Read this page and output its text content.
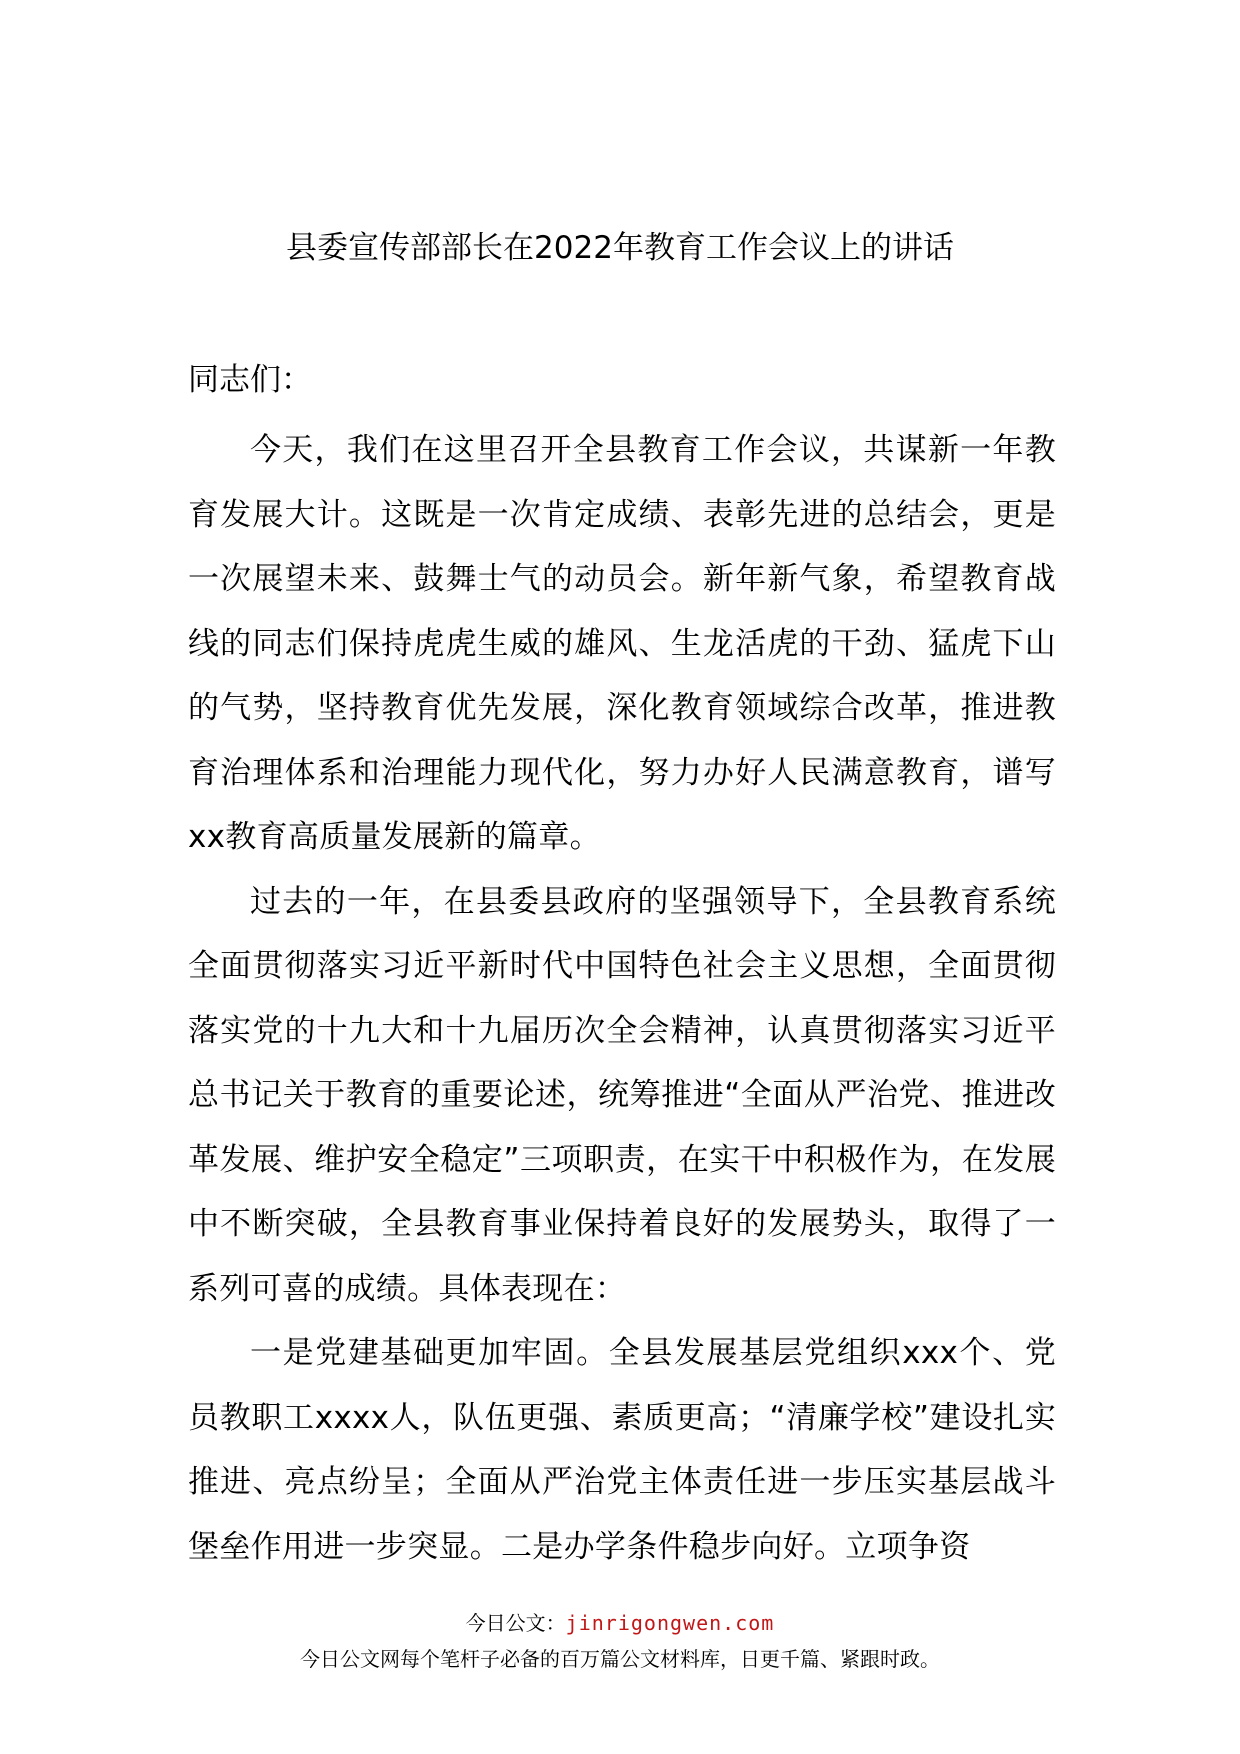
县委宣传部部长在2022年教育工作会议上的讲话
同志们：

今天，我们在这里召开全县教育工作会议，共谋新一年教育发展大计。这既是一次肯定成绩、表彰先进的总结会，更是一次展望未来、鼓舞士气的动员会。新年新气象，希望教育战线的同志们保持虎虎生威的雄风、生龙活虎的干劲、猛虎下山的气势，坚持教育优先发展，深化教育领域综合改革，推进教育治理体系和治理能力现代化，努力办好人民满意教育，谱写xx教育高质量发展新的篇章。

过去的一年，在县委县政府的坚强领导下，全县教育系统全面贯彻落实习近平新时代中国特色社会主义思想，全面贯彻落实党的十九大和十九届历次全会精神，认真贯彻落实习近平总书记关于教育的重要论述，统筹推进“全面从严治党、推进改革发展、维护安全稳定”三项职责，在实干中积极作为，在发展中不断突破，全县教育事业保持着良好的发展势头，取得了一系列可喜的成绩。具体表现在：

一是党建基础更加牢固。全县发展基层党组织xxx个、党员教职工xxxx人，队伍更强、素质更高；“清廉学校”建设扎实推进、亮点纷呈；全面从严治党主体责任进一步压实基层战斗堡垒作用进一步突显。二是办学条件稳步向好。立项争资

今日公文：jinrigongwen.com
今日公文网每个笔杆子必备的百万篇公文材料库，日更千篇、紧跟时政。
